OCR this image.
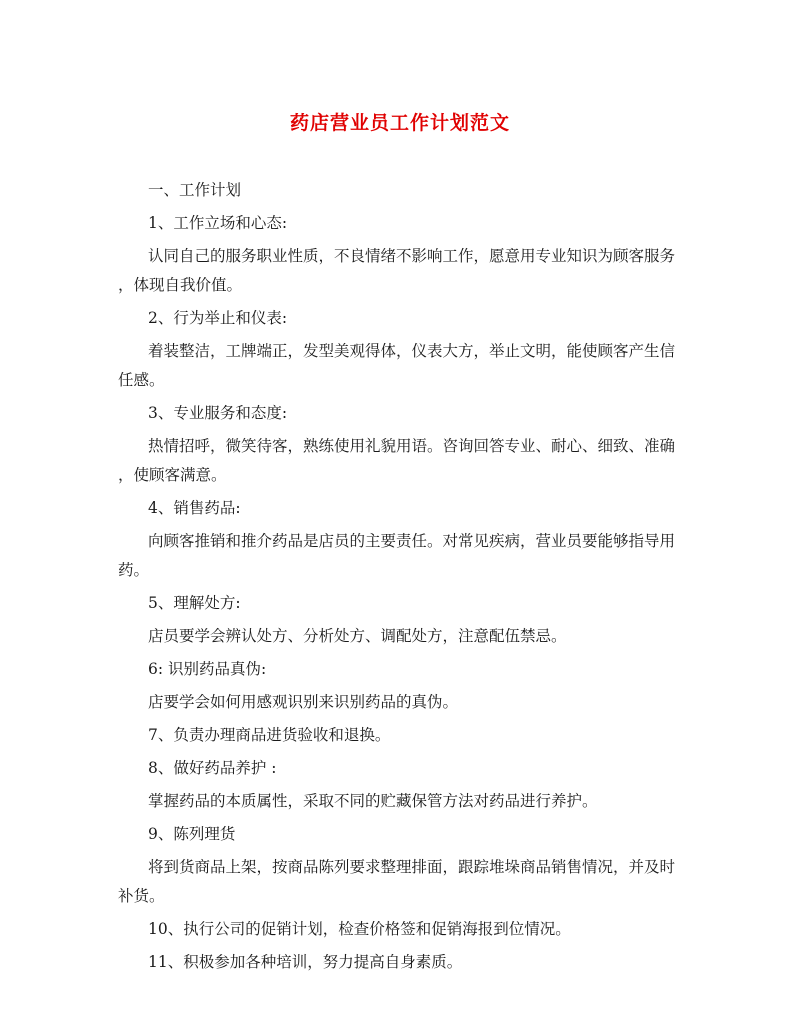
药店营业员工作计划范文
一、工作计划
1、工作立场和心态:
认同自己的服务职业性质，不良情绪不影响工作，愿意用专业知识为顾客服务
，体现自我价值。
2、行为举止和仪表:
着装整洁，工牌端正，发型美观得体，仪表大方，举止文明，能使顾客产生信
任感。
3、专业服务和态度:
热情招呼，微笑待客，熟练使用礼貌用语。咨询回答专业、耐心、细致、准确
，使顾客满意。
4、销售药品:
向顾客推销和推介药品是店员的主要责任。对常见疾病，营业员要能够指导用
药。
5、理解处方:
店员要学会辨认处方、分析处方、调配处方，注意配伍禁忌。
6: 识别药品真伪:
店要学会如何用感观识别来识别药品的真伪。
7、负责办理商品进货验收和退换。
8、做好药品养护 :
掌握药品的本质属性，采取不同的贮藏保管方法对药品进行养护。
9、陈列理货
将到货商品上架，按商品陈列要求整理排面，跟踪堆垛商品销售情况，并及时
补货。
10、执行公司的促销计划，检查价格签和促销海报到位情况。
11、积极参加各种培训，努力提高自身素质。
